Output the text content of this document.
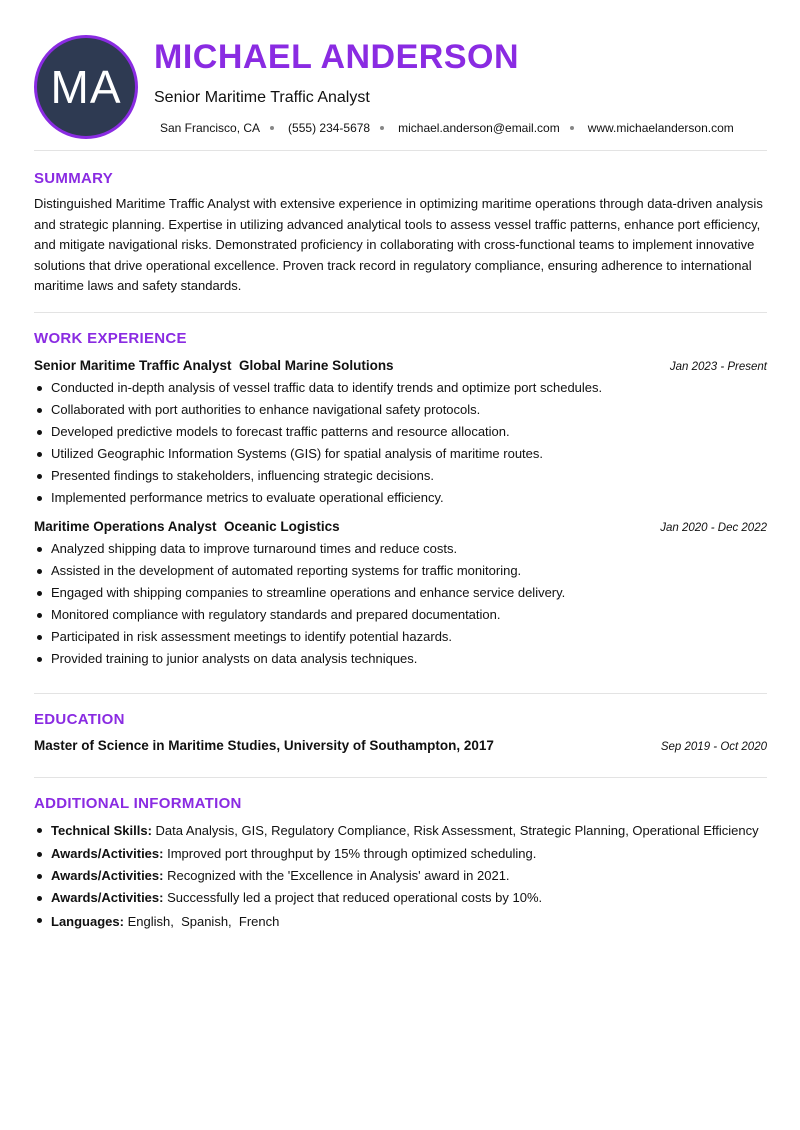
MA
MICHAEL ANDERSON
Senior Maritime Traffic Analyst
San Francisco, CA (555) 234-5678 michael.anderson@email.com www.michaelanderson.com
SUMMARY

Distinguished Maritime Traffic Analyst with extensive experience in optimizing maritime operations through data-driven analysis and strategic planning. Expertise in utilizing advanced analytical tools to assess vessel traffic patterns, enhance port efficiency, and mitigate navigational risks. Demonstrated proficiency in collaborating with cross-functional teams to implement innovative solutions that drive operational excellence. Proven track record in regulatory compliance, ensuring adherence to international maritime laws and safety standards.

WORK EXPERIENCE
Senior Maritime Traffic Analyst  Global Marine Solutions	Jan 2023 - Present
Conducted in-depth analysis of vessel traffic data to identify trends and optimize port schedules.
Collaborated with port authorities to enhance navigational safety protocols.
Developed predictive models to forecast traffic patterns and resource allocation.
Utilized Geographic Information Systems (GIS) for spatial analysis of maritime routes.
Presented findings to stakeholders, influencing strategic decisions.
Implemented performance metrics to evaluate operational efficiency.
Maritime Operations Analyst  Oceanic Logistics	Jan 2020 - Dec 2022
Analyzed shipping data to improve turnaround times and reduce costs.
Assisted in the development of automated reporting systems for traffic monitoring.
Engaged with shipping companies to streamline operations and enhance service delivery.
Monitored compliance with regulatory standards and prepared documentation.
Participated in risk assessment meetings to identify potential hazards.
Provided training to junior analysts on data analysis techniques.
EDUCATION
Master of Science in Maritime Studies, University of Southampton, 2017	Sep 2019 - Oct 2020
ADDITIONAL INFORMATION
Technical Skills: Data Analysis, GIS, Regulatory Compliance, Risk Assessment, Strategic Planning, Operational Efficiency
Awards/Activities: Improved port throughput by 15% through optimized scheduling.
Awards/Activities: Recognized with the 'Excellence in Analysis' award in 2021.
Awards/Activities: Successfully led a project that reduced operational costs by 10%.
Languages: English,  Spanish,  French
